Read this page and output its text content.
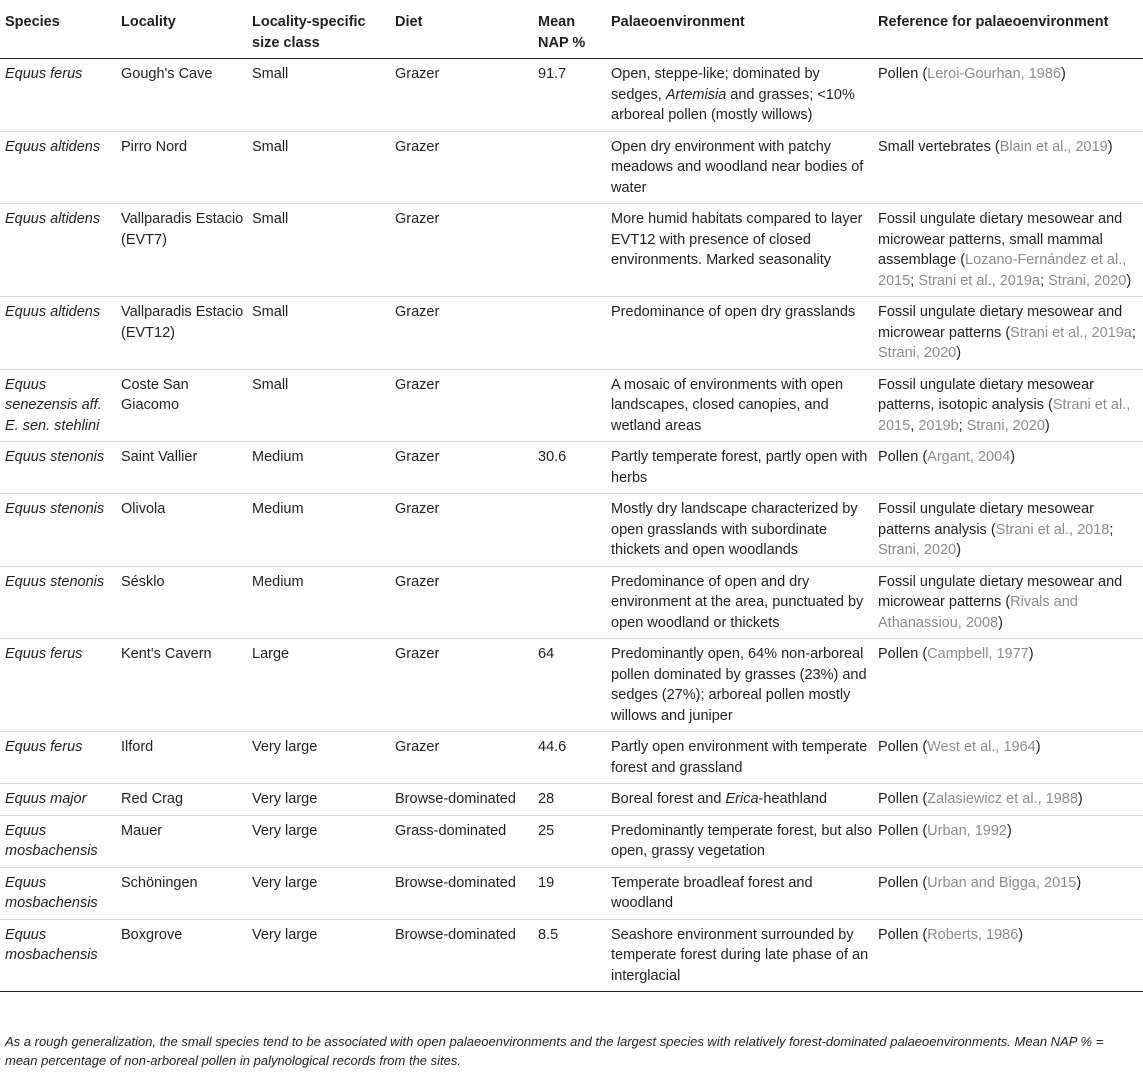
Species	Locality	Locality-specific size class	Diet	Mean NAP %	Palaeoenvironment	Reference for palaeoenvironment
Equus ferus	Gough's Cave	Small	Grazer	91.7	Open, steppe-like; dominated by sedges, Artemisia and grasses; <10% arboreal pollen (mostly willows)	Pollen (Leroi-Gourhan, 1986)
Equus altidens	Pirro Nord	Small	Grazer		Open dry environment with patchy meadows and woodland near bodies of water	Small vertebrates (Blain et al., 2019)
Equus altidens	Vallparadis Estacio (EVT7)	Small	Grazer		More humid habitats compared to layer EVT12 with presence of closed environments. Marked seasonality	Fossil ungulate dietary mesowear and microwear patterns, small mammal assemblage (Lozano-Fernández et al., 2015; Strani et al., 2019a; Strani, 2020)
Equus altidens	Vallparadis Estacio (EVT12)	Small	Grazer		Predominance of open dry grasslands	Fossil ungulate dietary mesowear and microwear patterns (Strani et al., 2019a; Strani, 2020)
Equus senezensis aff. E. sen. stehlini	Coste San Giacomo	Small	Grazer		A mosaic of environments with open landscapes, closed canopies, and wetland areas	Fossil ungulate dietary mesowear patterns, isotopic analysis (Strani et al., 2015, 2019b; Strani, 2020)
Equus stenonis	Saint Vallier	Medium	Grazer	30.6	Partly temperate forest, partly open with herbs	Pollen (Argant, 2004)
Equus stenonis	Olivola	Medium	Grazer		Mostly dry landscape characterized by open grasslands with subordinate thickets and open woodlands	Fossil ungulate dietary mesowear patterns analysis (Strani et al., 2018; Strani, 2020)
Equus stenonis	Sésklo	Medium	Grazer		Predominance of open and dry environment at the area, punctuated by open woodland or thickets	Fossil ungulate dietary mesowear and microwear patterns (Rivals and Athanassiou, 2008)
Equus ferus	Kent's Cavern	Large	Grazer	64	Predominantly open, 64% non-arboreal pollen dominated by grasses (23%) and sedges (27%); arboreal pollen mostly willows and juniper	Pollen (Campbell, 1977)
Equus ferus	Ilford	Very large	Grazer	44.6	Partly open environment with temperate forest and grassland	Pollen (West et al., 1964)
Equus major	Red Crag	Very large	Browse-dominated	28	Boreal forest and Erica-heathland	Pollen (Zalasiewicz et al., 1988)
Equus mosbachensis	Mauer	Very large	Grass-dominated	25	Predominantly temperate forest, but also open, grassy vegetation	Pollen (Urban, 1992)
Equus mosbachensis	Schöningen	Very large	Browse-dominated	19	Temperate broadleaf forest and woodland	Pollen (Urban and Bigga, 2015)
Equus mosbachensis	Boxgrove	Very large	Browse-dominated	8.5	Seashore environment surrounded by temperate forest during late phase of an interglacial	Pollen (Roberts, 1986)
As a rough generalization, the small species tend to be associated with open palaeoenvironments and the largest species with relatively forest-dominated palaeoenvironments. Mean NAP % = mean percentage of non-arboreal pollen in palynological records from the sites.
